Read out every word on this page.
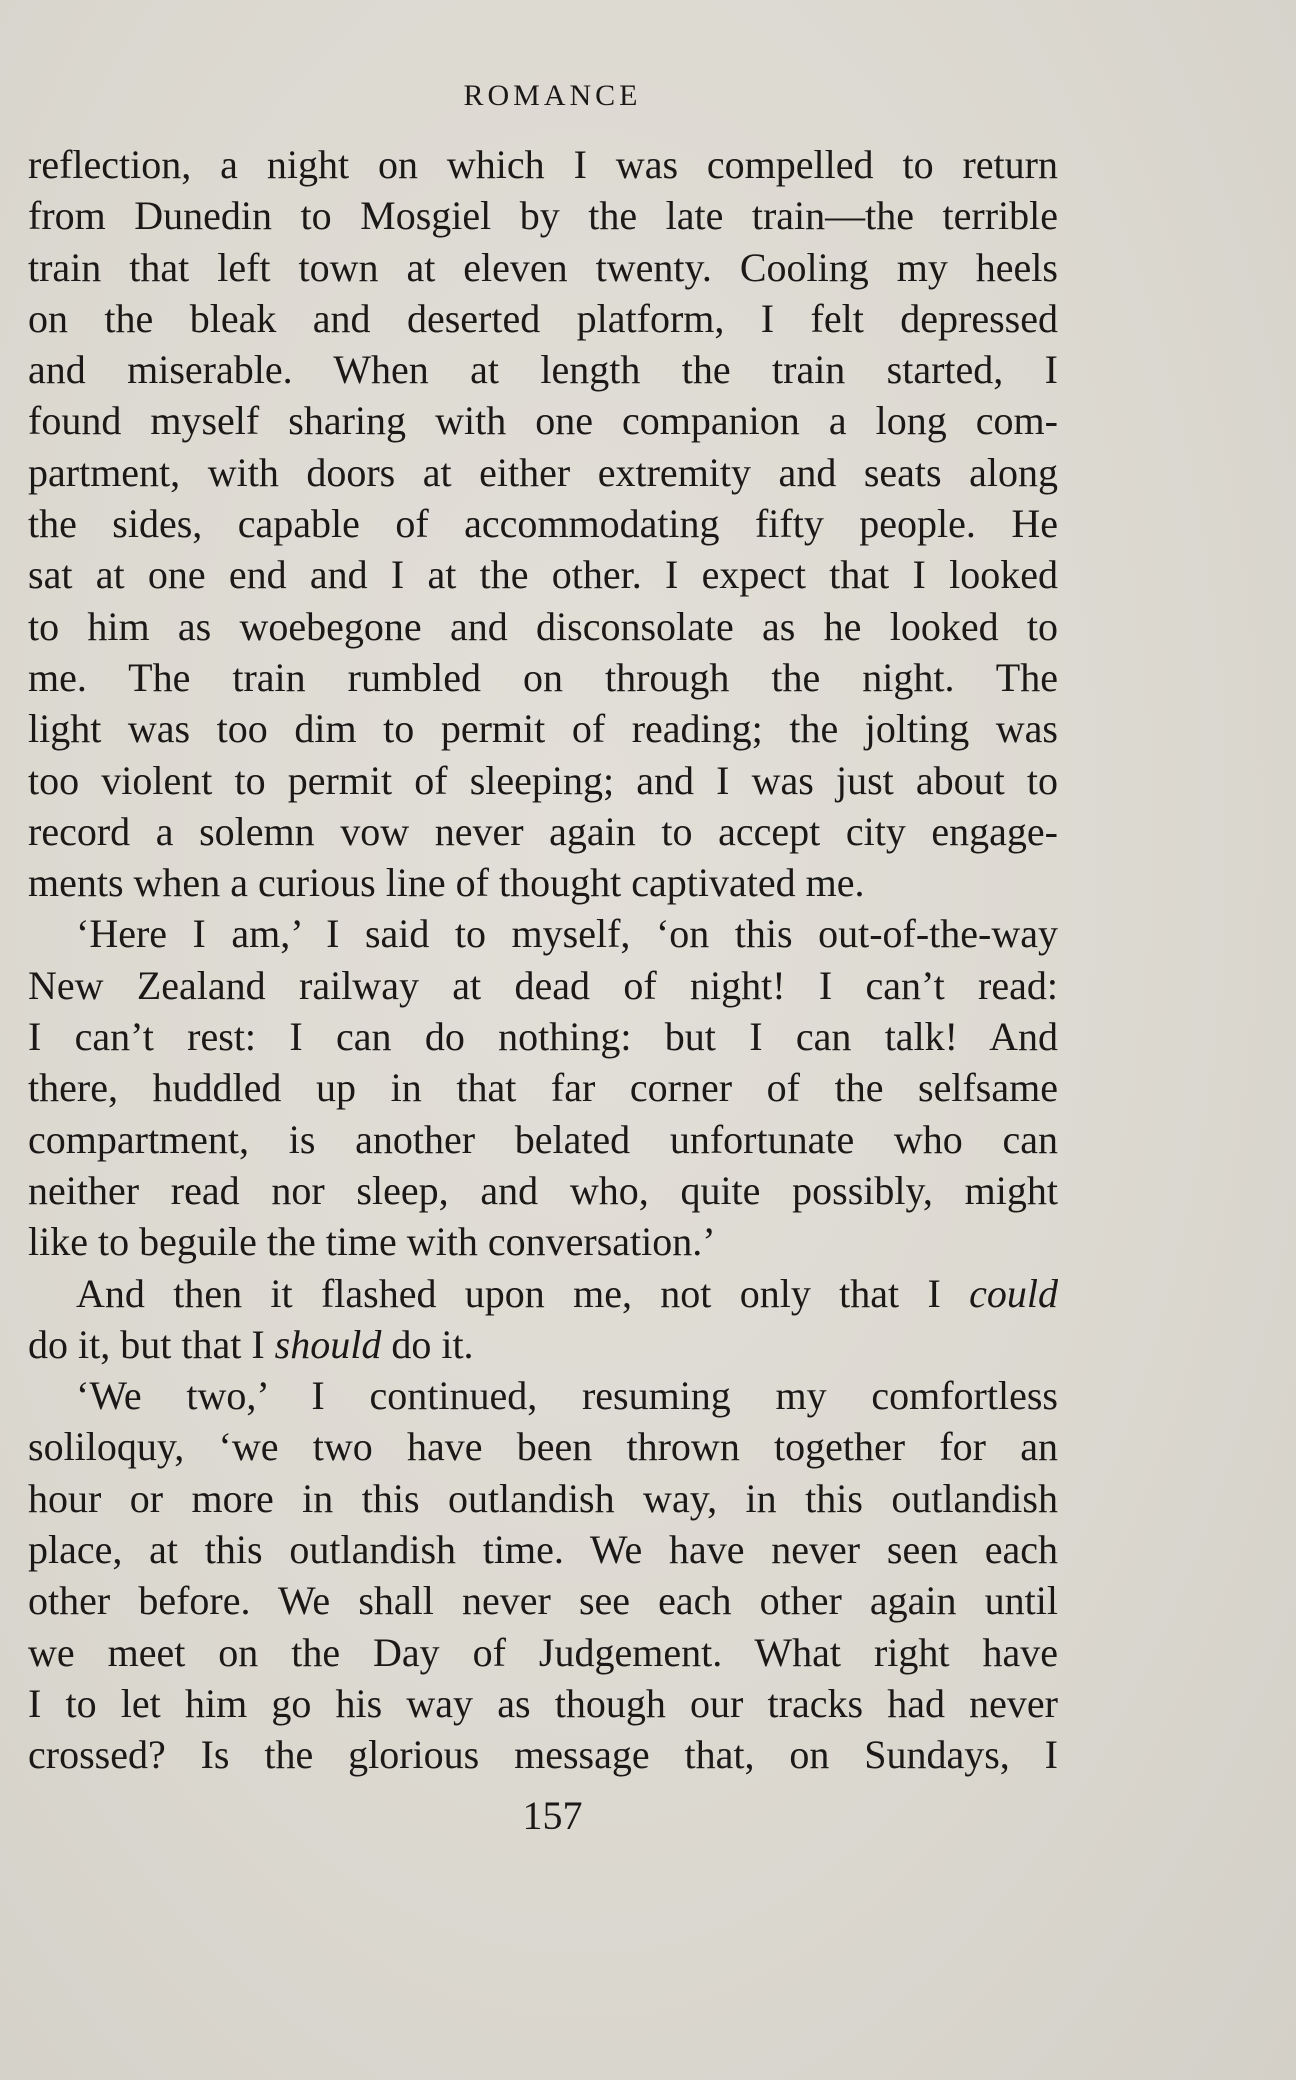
ROMANCE
reflection, a night on which I was compelled to return
from Dunedin to Mosgiel by the late train—the terrible
train that left town at eleven twenty. Cooling my heels
on the bleak and deserted platform, I felt depressed
and miserable. When at length the train started, I
found myself sharing with one companion a long com-
partment, with doors at either extremity and seats along
the sides, capable of accommodating fifty people. He
sat at one end and I at the other. I expect that I looked
to him as woebegone and disconsolate as he looked to
me. The train rumbled on through the night. The
light was too dim to permit of reading; the jolting was
too violent to permit of sleeping; and I was just about to
record a solemn vow never again to accept city engage-
ments when a curious line of thought captivated me.
‘Here I am,’ I said to myself, ‘on this out-of-the-way
New Zealand railway at dead of night! I can’t read:
I can’t rest: I can do nothing: but I can talk! And
there, huddled up in that far corner of the selfsame
compartment, is another belated unfortunate who can
neither read nor sleep, and who, quite possibly, might
like to beguile the time with conversation.’
And then it flashed upon me, not only that I could
do it, but that I should do it.
‘We two,’ I continued, resuming my comfortless
soliloquy, ‘we two have been thrown together for an
hour or more in this outlandish way, in this outlandish
place, at this outlandish time. We have never seen each
other before. We shall never see each other again until
we meet on the Day of Judgement. What right have
I to let him go his way as though our tracks had never
crossed? Is the glorious message that, on Sundays, I
157
